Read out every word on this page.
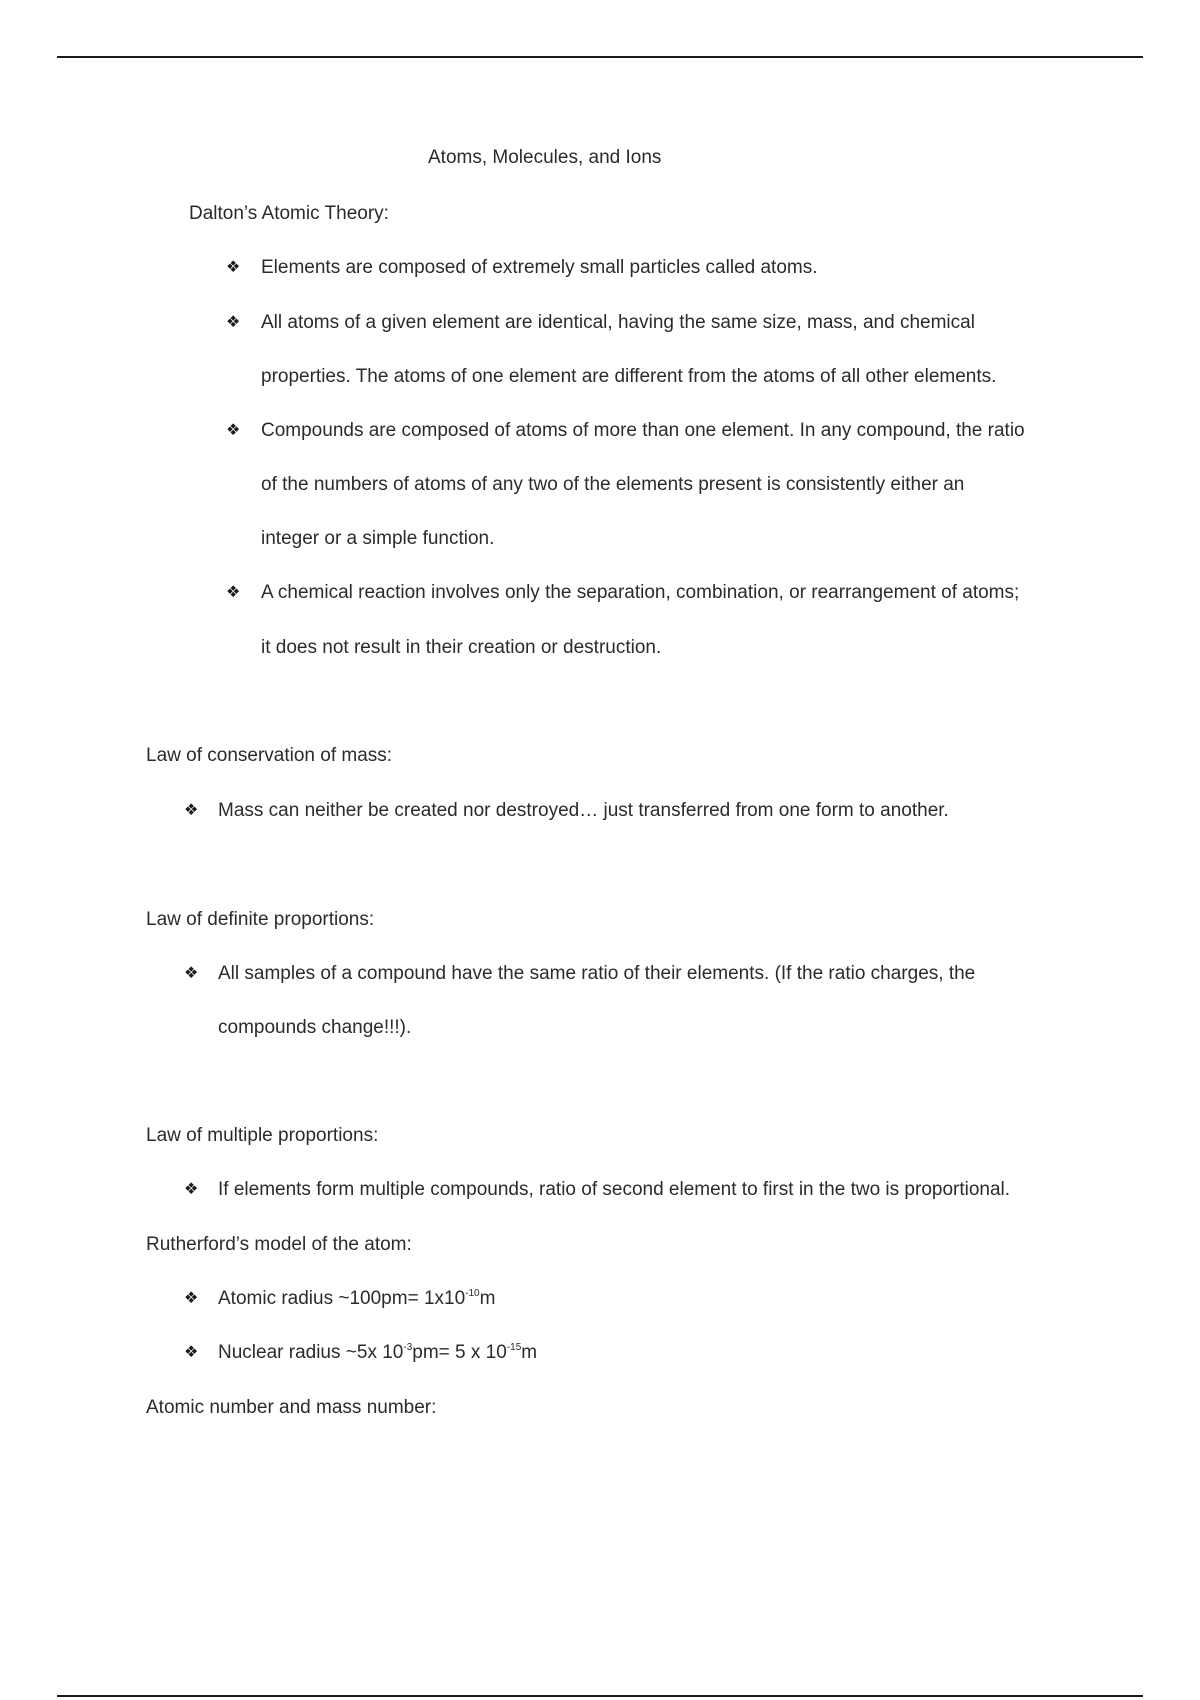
Atoms, Molecules, and Ions
Dalton’s Atomic Theory:
❖ Elements are composed of extremely small particles called atoms.
❖ All atoms of a given element are identical, having the same size, mass, and chemical
properties. The atoms of one element are different from the atoms of all other elements.
❖ Compounds are composed of atoms of more than one element. In any compound, the ratio
of the numbers of atoms of any two of the elements present is consistently either an
integer or a simple function.
❖ A chemical reaction involves only the separation, combination, or rearrangement of atoms;
it does not result in their creation or destruction.
Law of conservation of mass:
❖ Mass can neither be created nor destroyed… just transferred from one form to another.
Law of definite proportions:
❖ All samples of a compound have the same ratio of their elements. (If the ratio charges, the
compounds change!!!).
Law of multiple proportions:
❖ If elements form multiple compounds, ratio of second element to first in the two is proportional.
Rutherford’s model of the atom:
❖ Atomic radius ~100pm= $1x10^{-10}m$
❖ Nuclear radius ~5x $10^{-3}pm= 5$ x $10^{-15}m$
Atomic number and mass number:
